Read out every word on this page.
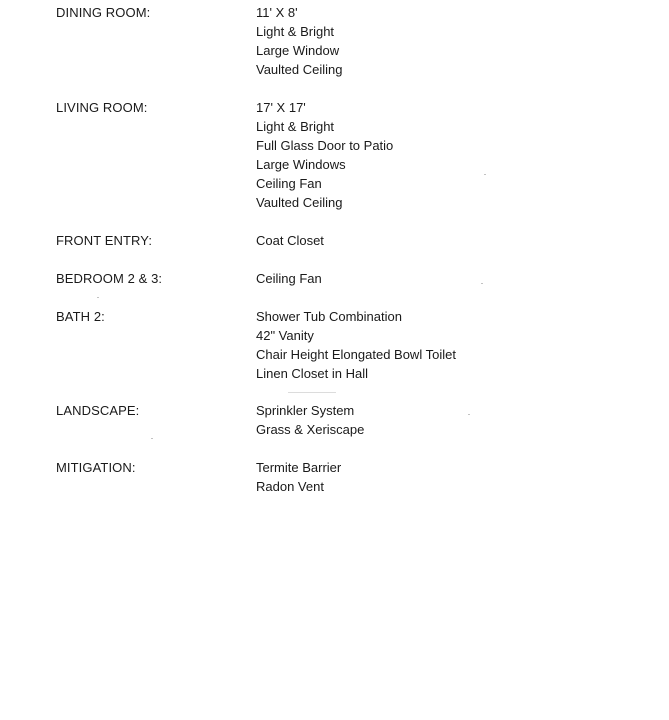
DINING ROOM:	11' X 8'
Light & Bright
Large Window
Vaulted Ceiling
LIVING ROOM:	17' X 17'
Light & Bright
Full Glass Door to Patio
Large Windows
Ceiling Fan
Vaulted Ceiling
FRONT ENTRY:	Coat Closet
BEDROOM 2 & 3:	Ceiling Fan
BATH 2:	Shower Tub Combination
42" Vanity
Chair Height Elongated Bowl Toilet
Linen Closet in Hall
LANDSCAPE:	Sprinkler System
Grass & Xeriscape
MITIGATION:	Termite Barrier
Radon Vent
